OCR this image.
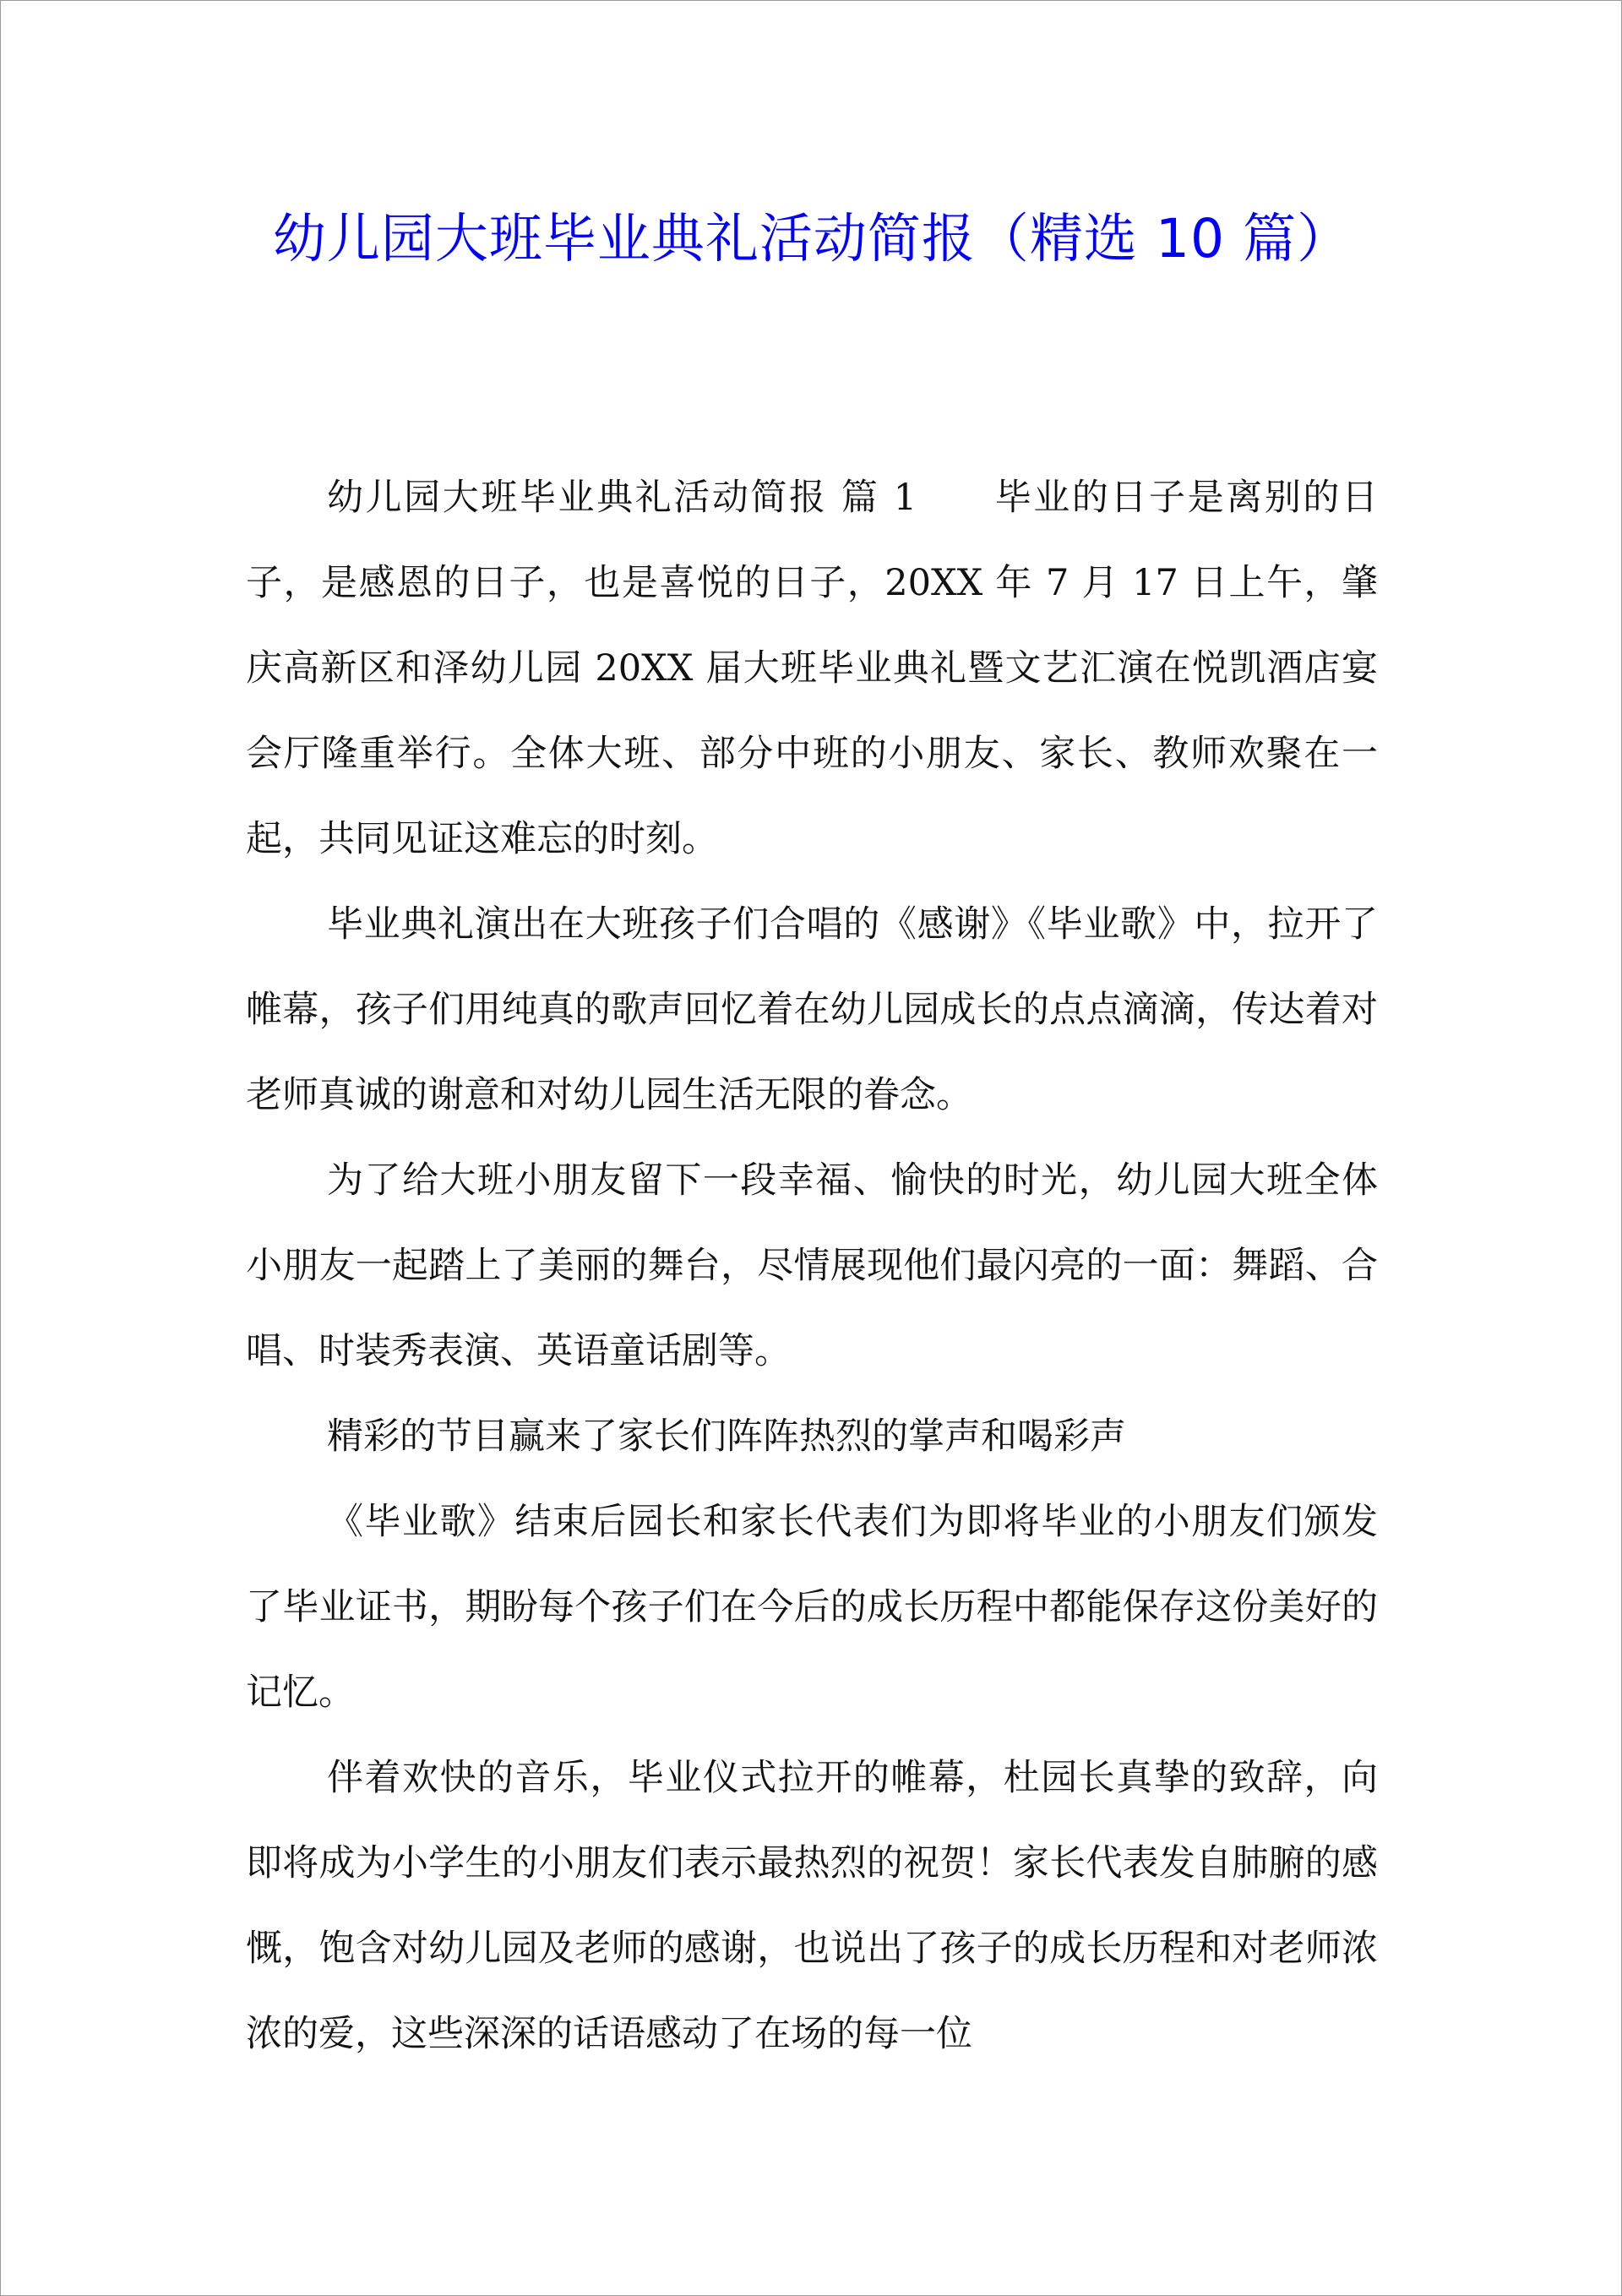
幼儿园大班毕业典礼活动简报（精选 10 篇）

幼儿园大班毕业典礼活动简报 篇 1 毕业的日子是离别的日子，是感恩的日子，也是喜悦的日子，20XX 年 7 月 17 日上午，肇庆高新区和泽幼儿园 20XX 届大班毕业典礼暨文艺汇演在悦凯酒店宴会厅隆重举行。全体大班、部分中班的小朋友、家长、教师欢聚在一起，共同见证这难忘的时刻。

毕业典礼演出在大班孩子们合唱的《感谢》《毕业歌》中，拉开了帷幕，孩子们用纯真的歌声回忆着在幼儿园成长的点点滴滴，传达着对老师真诚的谢意和对幼儿园生活无限的眷念。

为了给大班小朋友留下一段幸福、愉快的时光，幼儿园大班全体小朋友一起踏上了美丽的舞台，尽情展现他们最闪亮的一面：舞蹈、合唱、时装秀表演、英语童话剧等。

精彩的节目赢来了家长们阵阵热烈的掌声和喝彩声

《毕业歌》结束后园长和家长代表们为即将毕业的小朋友们颁发了毕业证书，期盼每个孩子们在今后的成长历程中都能保存这份美好的记忆。

伴着欢快的音乐，毕业仪式拉开的帷幕，杜园长真挚的致辞，向即将成为小学生的小朋友们表示最热烈的祝贺！家长代表发自肺腑的感慨，饱含对幼儿园及老师的感谢，也说出了孩子的成长历程和对老师浓浓的爱，这些深深的话语感动了在场的每一位
